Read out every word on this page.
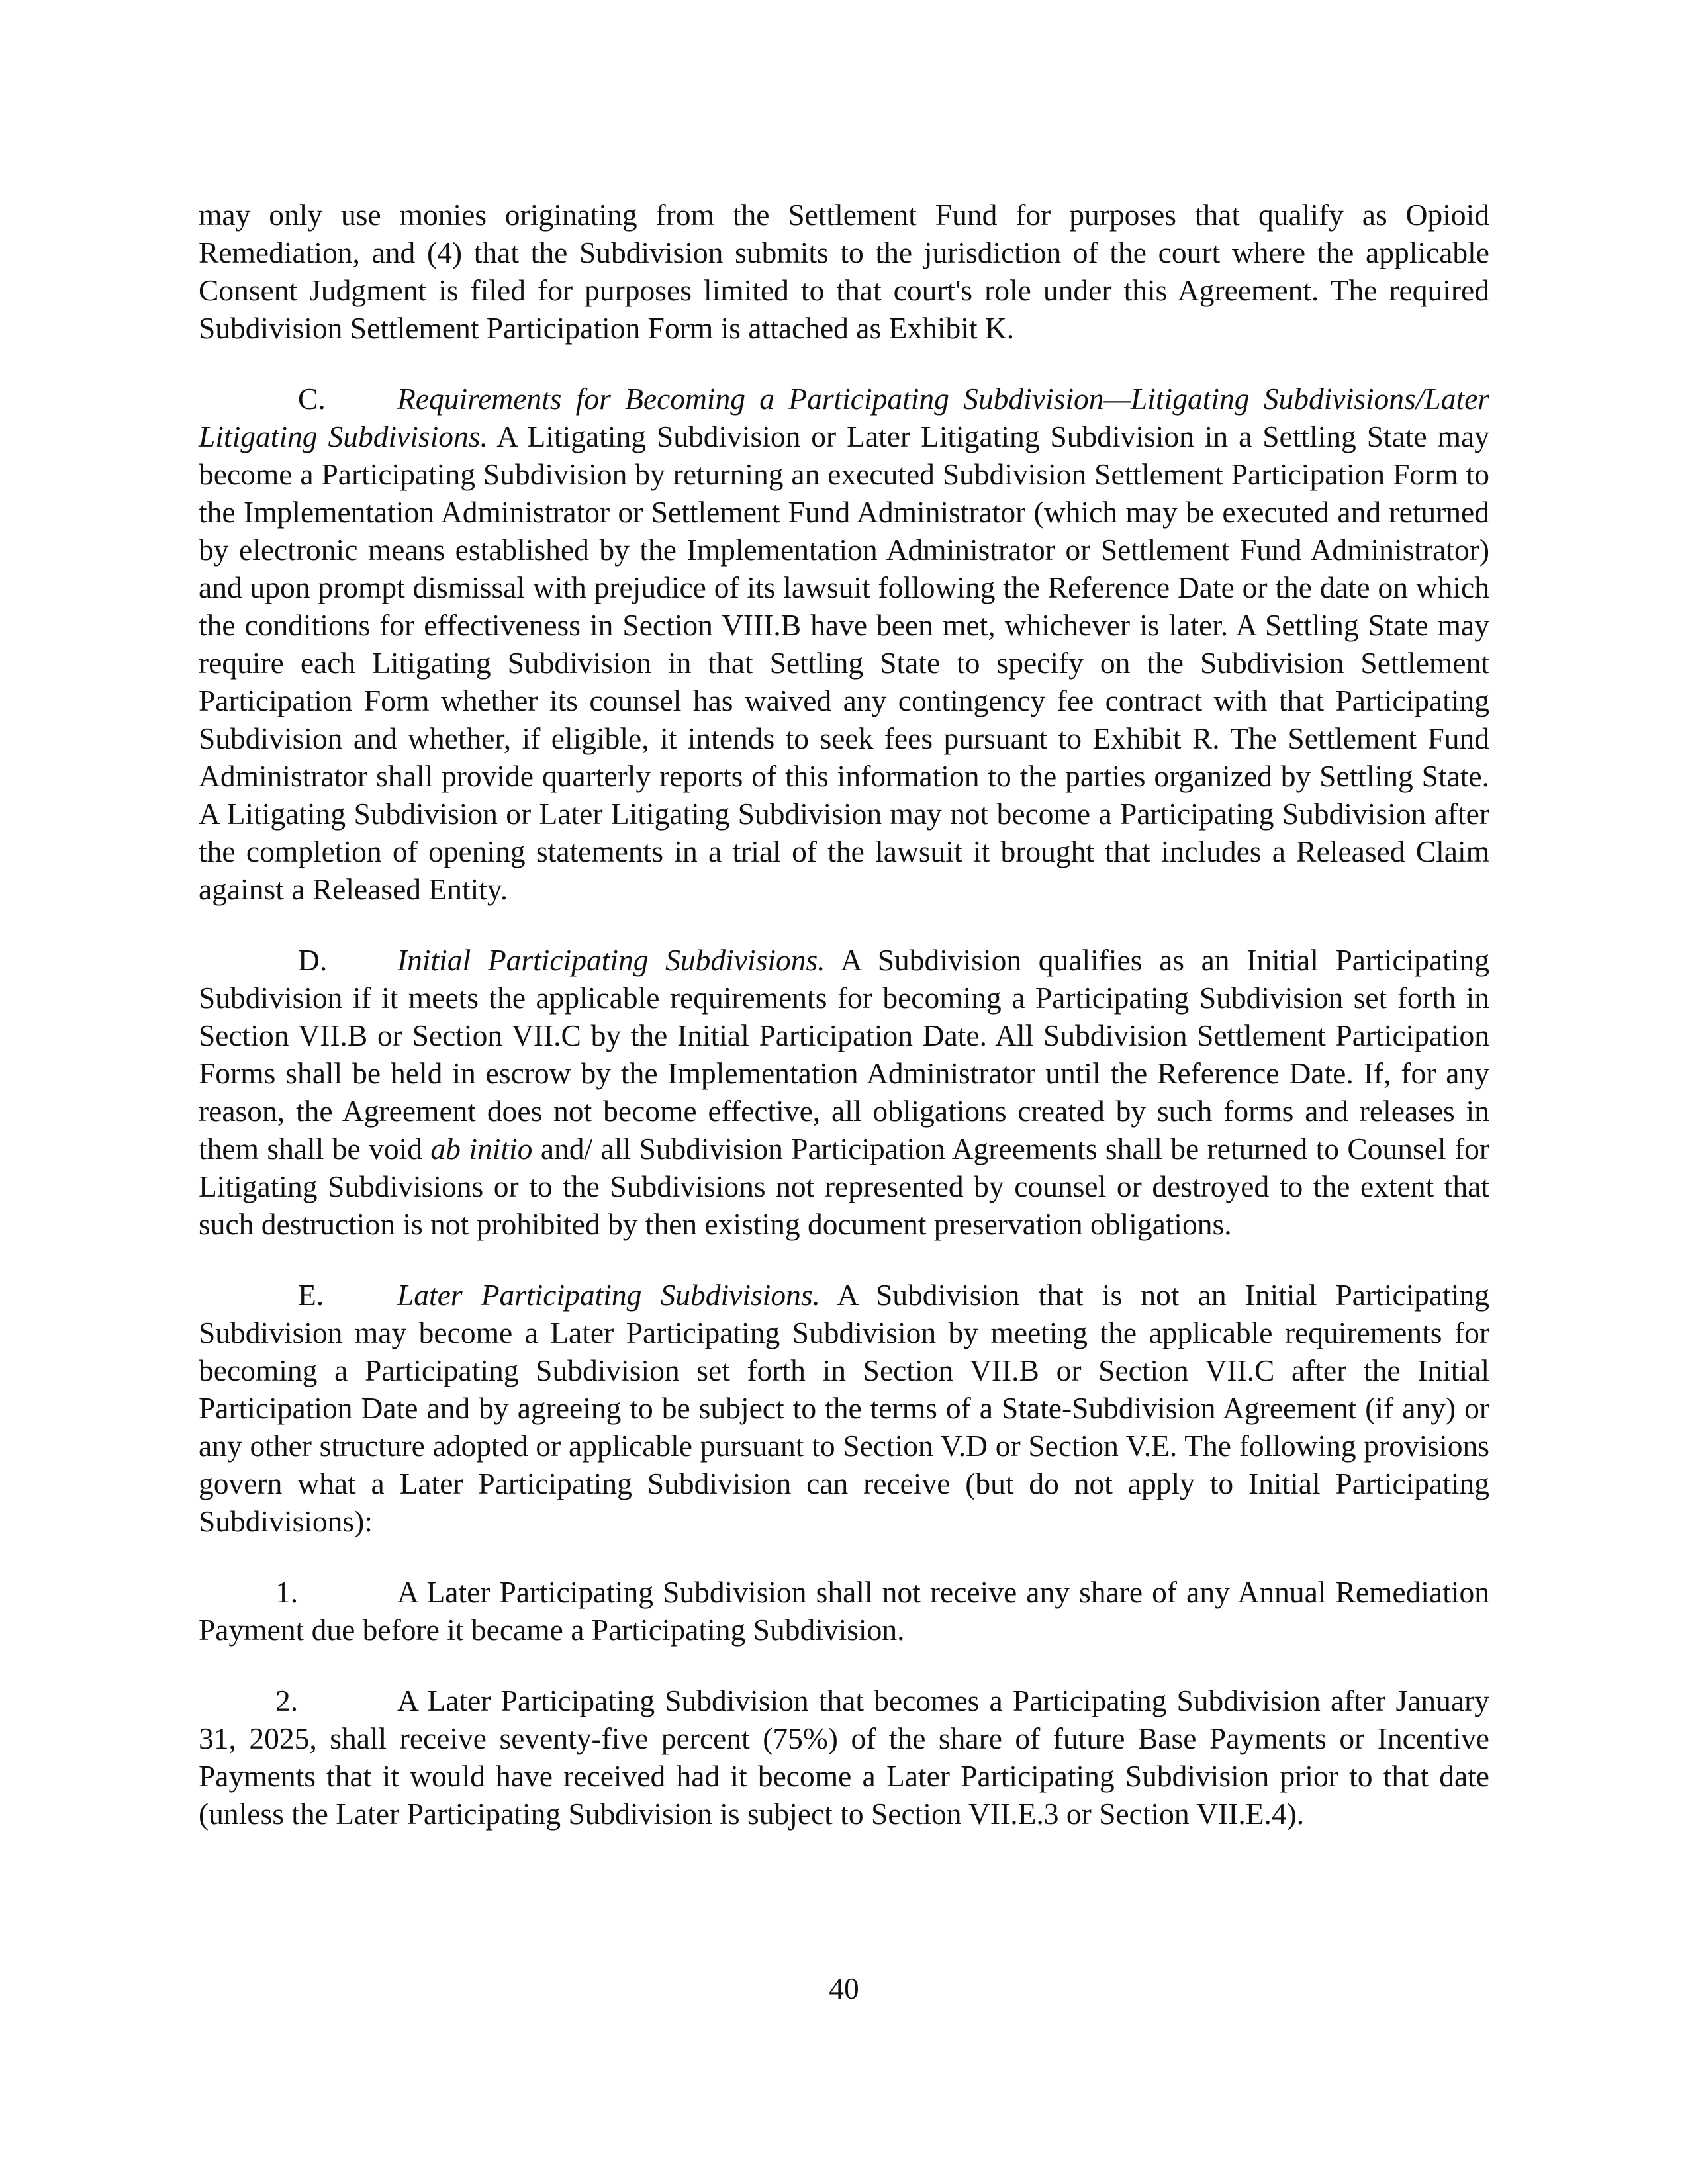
may only use monies originating from the Settlement Fund for purposes that qualify as Opioid Remediation, and (4) that the Subdivision submits to the jurisdiction of the court where the applicable Consent Judgment is filed for purposes limited to that court's role under this Agreement. The required Subdivision Settlement Participation Form is attached as Exhibit K.

C. Requirements for Becoming a Participating Subdivision—Litigating Subdivisions/Later Litigating Subdivisions. A Litigating Subdivision or Later Litigating Subdivision in a Settling State may become a Participating Subdivision by returning an executed Subdivision Settlement Participation Form to the Implementation Administrator or Settlement Fund Administrator (which may be executed and returned by electronic means established by the Implementation Administrator or Settlement Fund Administrator) and upon prompt dismissal with prejudice of its lawsuit following the Reference Date or the date on which the conditions for effectiveness in Section VIII.B have been met, whichever is later. A Settling State may require each Litigating Subdivision in that Settling State to specify on the Subdivision Settlement Participation Form whether its counsel has waived any contingency fee contract with that Participating Subdivision and whether, if eligible, it intends to seek fees pursuant to Exhibit R. The Settlement Fund Administrator shall provide quarterly reports of this information to the parties organized by Settling State. A Litigating Subdivision or Later Litigating Subdivision may not become a Participating Subdivision after the completion of opening statements in a trial of the lawsuit it brought that includes a Released Claim against a Released Entity.

D. Initial Participating Subdivisions. A Subdivision qualifies as an Initial Participating Subdivision if it meets the applicable requirements for becoming a Participating Subdivision set forth in Section VII.B or Section VII.C by the Initial Participation Date. All Subdivision Settlement Participation Forms shall be held in escrow by the Implementation Administrator until the Reference Date. If, for any reason, the Agreement does not become effective, all obligations created by such forms and releases in them shall be void ab initio and/ all Subdivision Participation Agreements shall be returned to Counsel for Litigating Subdivisions or to the Subdivisions not represented by counsel or destroyed to the extent that such destruction is not prohibited by then existing document preservation obligations.

E. Later Participating Subdivisions. A Subdivision that is not an Initial Participating Subdivision may become a Later Participating Subdivision by meeting the applicable requirements for becoming a Participating Subdivision set forth in Section VII.B or Section VII.C after the Initial Participation Date and by agreeing to be subject to the terms of a State-Subdivision Agreement (if any) or any other structure adopted or applicable pursuant to Section V.D or Section V.E. The following provisions govern what a Later Participating Subdivision can receive (but do not apply to Initial Participating Subdivisions):

1.	A Later Participating Subdivision shall not receive any share of any Annual Remediation Payment due before it became a Participating Subdivision.

2.	A Later Participating Subdivision that becomes a Participating Subdivision after January 31, 2025, shall receive seventy-five percent (75%) of the share of future Base Payments or Incentive Payments that it would have received had it become a Later Participating Subdivision prior to that date (unless the Later Participating Subdivision is subject to Section VII.E.3 or Section VII.E.4).

40
